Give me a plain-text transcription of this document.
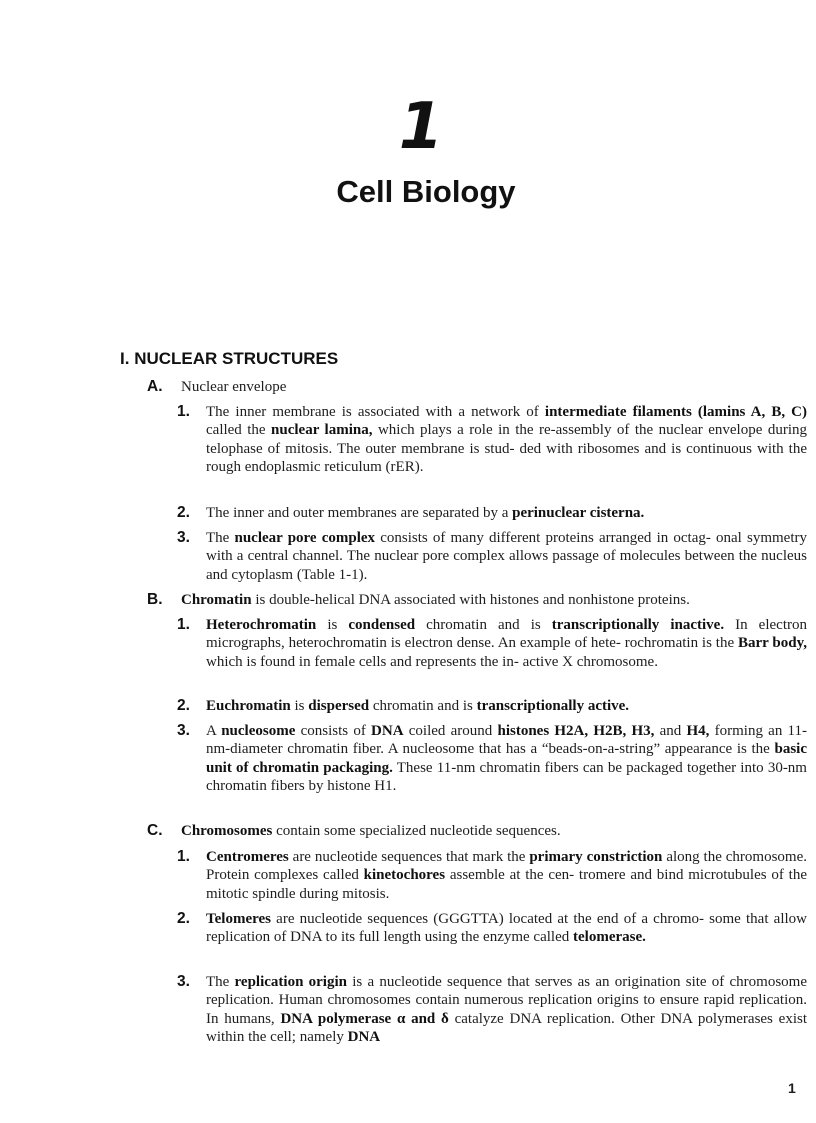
1
Cell Biology
I. NUCLEAR STRUCTURES
A. Nuclear envelope
1. The inner membrane is associated with a network of intermediate filaments (lamins A, B, C) called the nuclear lamina, which plays a role in the re-assembly of the nuclear envelope during telophase of mitosis. The outer membrane is stud- ded with ribosomes and is continuous with the rough endoplasmic reticulum (rER).
2. The inner and outer membranes are separated by a perinuclear cisterna.
3. The nuclear pore complex consists of many different proteins arranged in octag- onal symmetry with a central channel. The nuclear pore complex allows passage of molecules between the nucleus and cytoplasm (Table 1-1).
B. Chromatin is double-helical DNA associated with histones and nonhistone proteins.
1. Heterochromatin is condensed chromatin and is transcriptionally inactive. In electron micrographs, heterochromatin is electron dense. An example of hete- rochromatin is the Barr body, which is found in female cells and represents the in- active X chromosome.
2. Euchromatin is dispersed chromatin and is transcriptionally active.
3. A nucleosome consists of DNA coiled around histones H2A, H2B, H3, and H4, forming an 11-nm-diameter chromatin fiber. A nucleosome that has a “beads-on-a-string” appearance is the basic unit of chromatin packaging. These 11-nm chromatin fibers can be packaged together into 30-nm chromatin fibers by histone H1.
C. Chromosomes contain some specialized nucleotide sequences.
1. Centromeres are nucleotide sequences that mark the primary constriction along the chromosome. Protein complexes called kinetochores assemble at the cen- tromere and bind microtubules of the mitotic spindle during mitosis.
2. Telomeres are nucleotide sequences (GGGTTA) located at the end of a chromo- some that allow replication of DNA to its full length using the enzyme called telomerase.
3. The replication origin is a nucleotide sequence that serves as an origination site of chromosome replication. Human chromosomes contain numerous replication origins to ensure rapid replication. In humans, DNA polymerase α and δ catalyze DNA replication. Other DNA polymerases exist within the cell; namely DNA
1
